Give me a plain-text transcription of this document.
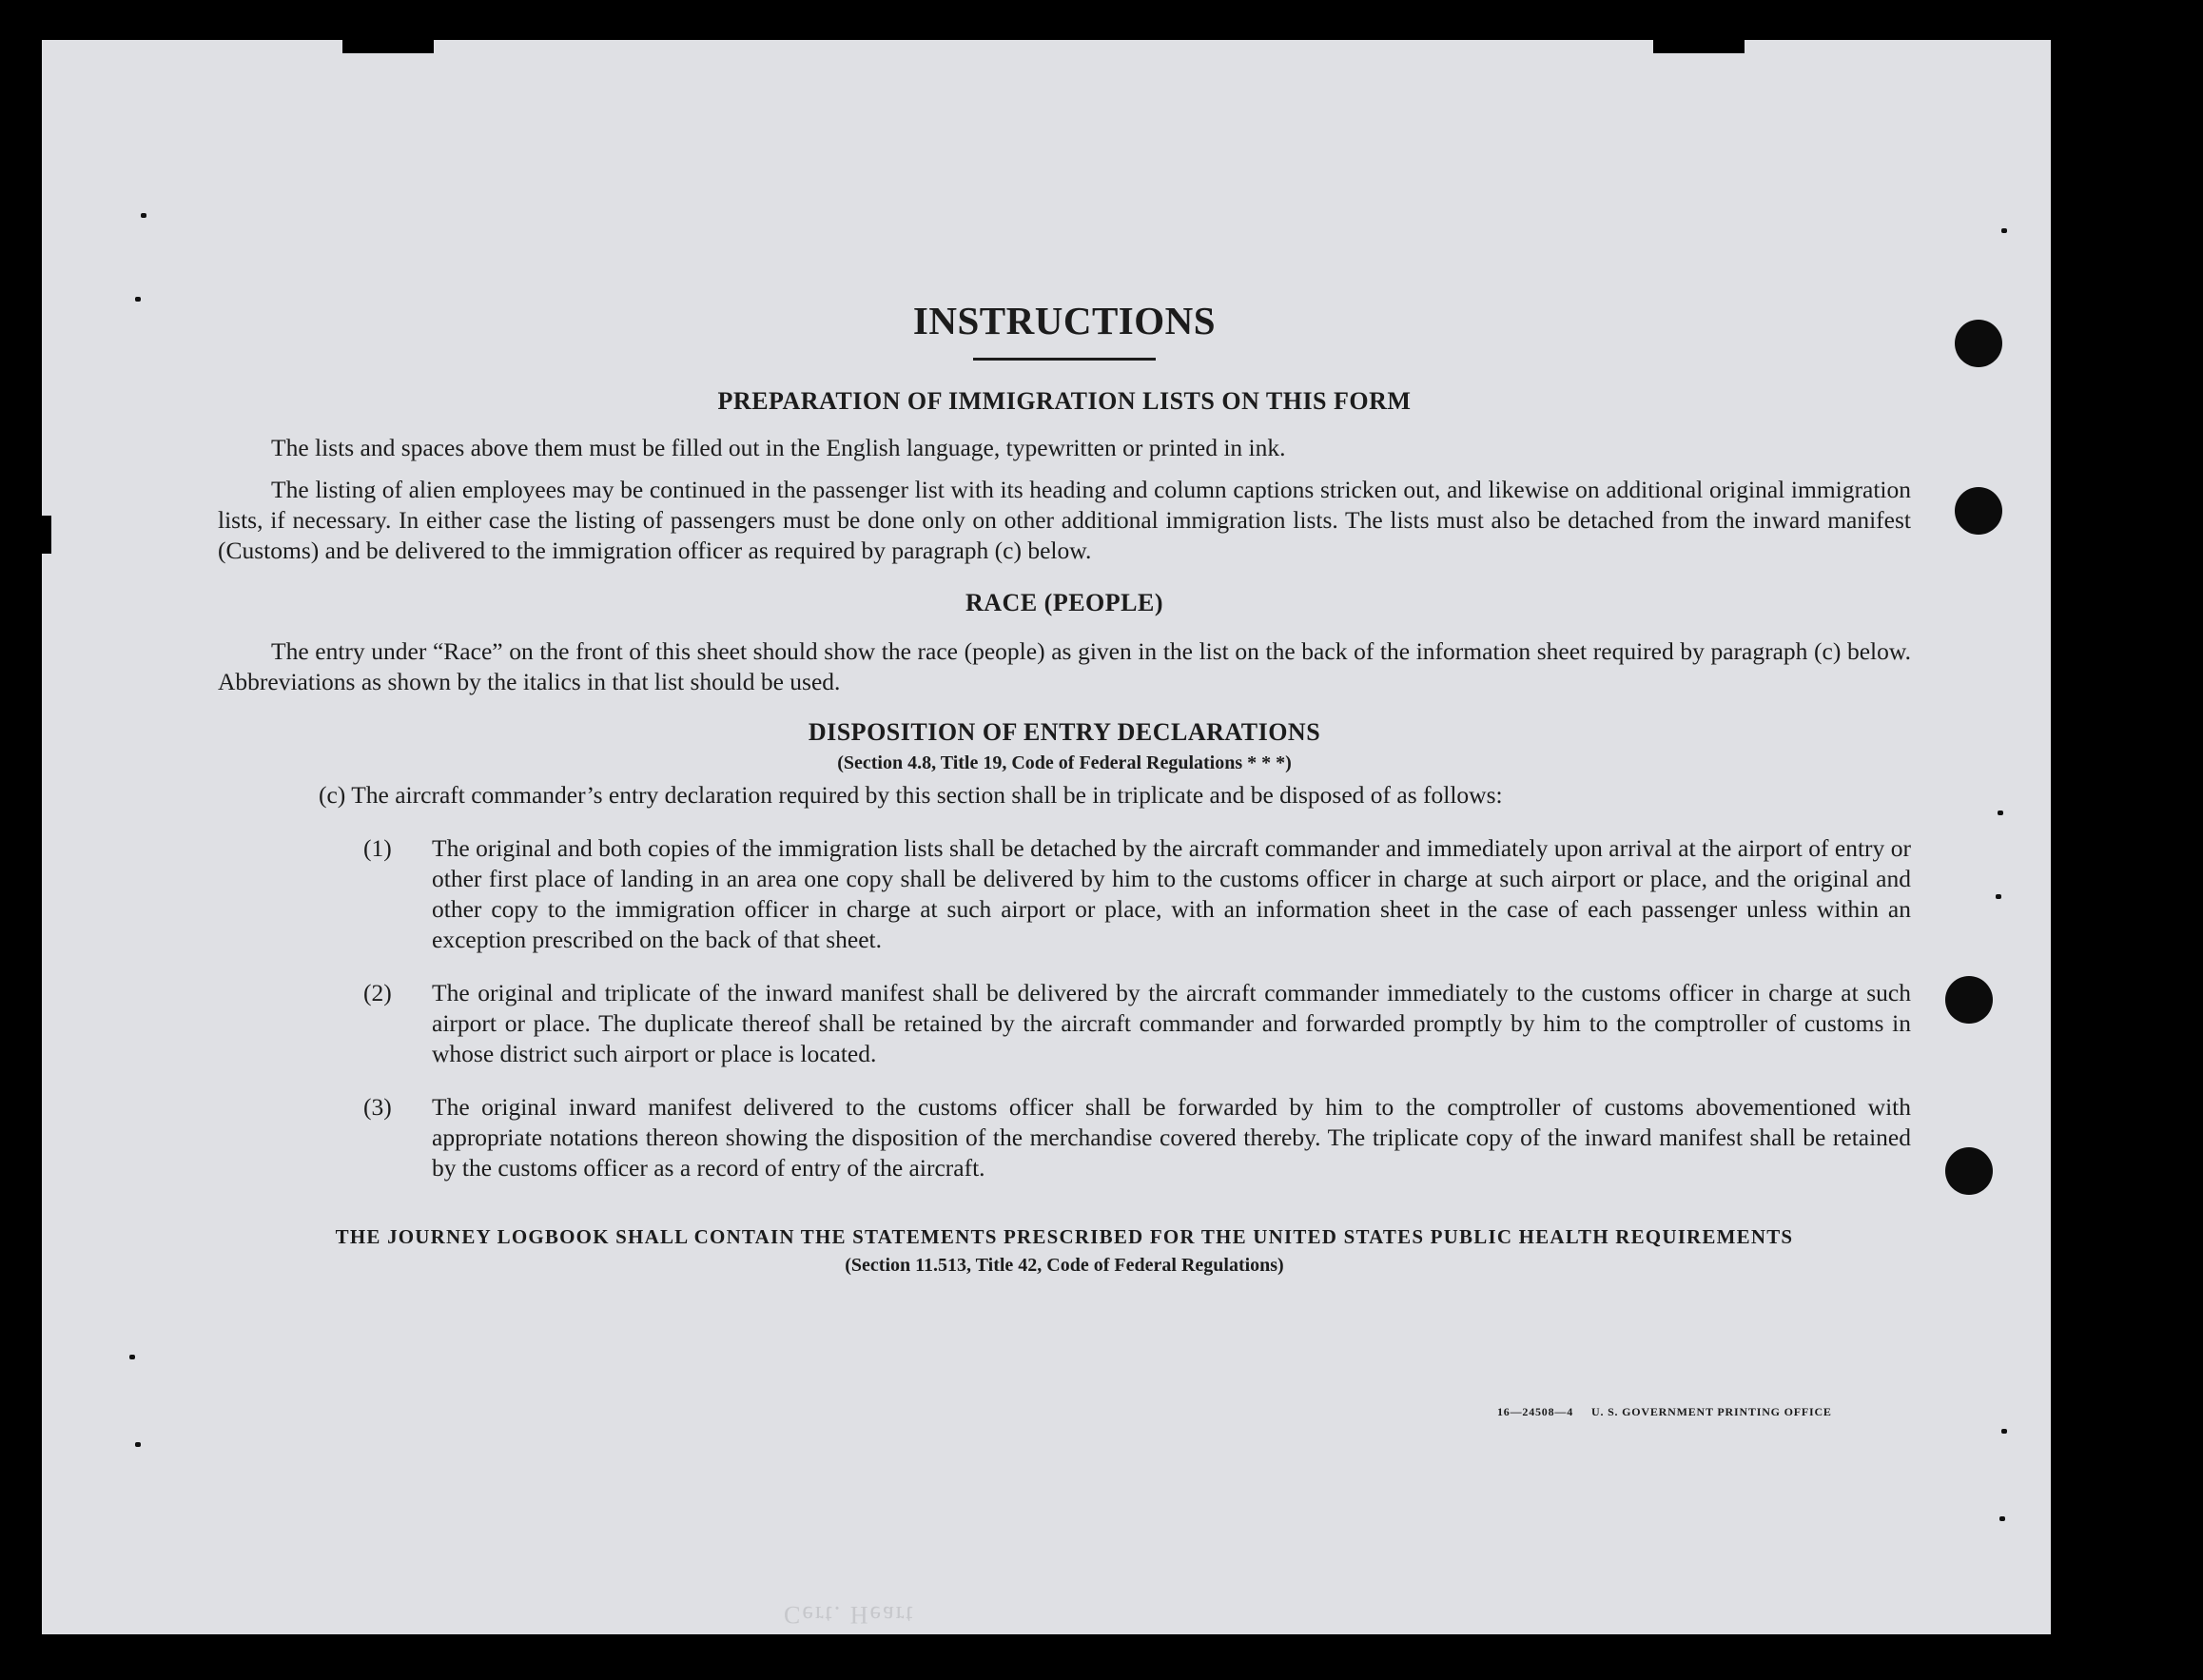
Cert. Heart
INSTRUCTIONS
PREPARATION OF IMMIGRATION LISTS ON THIS FORM

The lists and spaces above them must be filled out in the English language, typewritten or printed in ink.

The listing of alien employees may be continued in the passenger list with its heading and column captions stricken out, and likewise on additional original immigration lists, if necessary. In either case the listing of passengers must be done only on other additional immigration lists. The lists must also be detached from the inward manifest (Customs) and be delivered to the immigration officer as required by paragraph (c) below.

RACE (PEOPLE)

The entry under “Race” on the front of this sheet should show the race (people) as given in the list on the back of the information sheet required by paragraph (c) below. Abbreviations as shown by the italics in that list should be used.

DISPOSITION OF ENTRY DECLARATIONS

(Section 4.8, Title 19, Code of Federal Regulations * * *)

(c) The aircraft commander’s entry declaration required by this section shall be in triplicate and be disposed of as follows:

(1) The original and both copies of the immigration lists shall be detached by the aircraft commander and immediately upon arrival at the airport of entry or other first place of landing in an area one copy shall be delivered by him to the customs officer in charge at such airport or place, and the original and other copy to the immigration officer in charge at such airport or place, with an information sheet in the case of each passenger unless within an exception prescribed on the back of that sheet.
(2) The original and triplicate of the inward manifest shall be delivered by the aircraft commander immediately to the customs officer in charge at such airport or place. The duplicate thereof shall be retained by the aircraft commander and forwarded promptly by him to the comptroller of customs in whose district such airport or place is located.
(3) The original inward manifest delivered to the customs officer shall be forwarded by him to the comptroller of customs abovementioned with appropriate notations thereon showing the disposition of the merchandise covered thereby. The triplicate copy of the inward manifest shall be retained by the customs officer as a record of entry of the aircraft.

THE JOURNEY LOGBOOK SHALL CONTAIN THE STATEMENTS PRESCRIBED FOR THE UNITED STATES PUBLIC HEALTH REQUIREMENTS

(Section 11.513, Title 42, Code of Federal Regulations)

16—24508—4 U. S. GOVERNMENT PRINTING OFFICE
